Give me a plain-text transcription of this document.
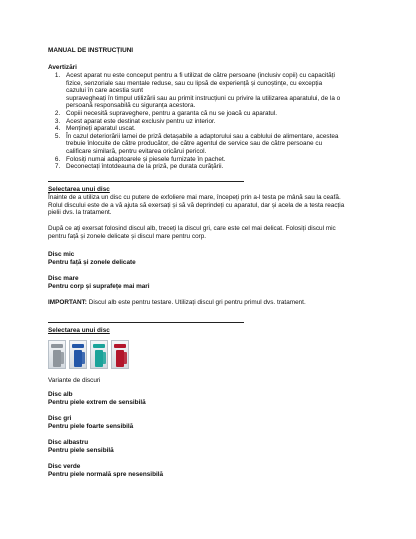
MANUAL DE INSTRUCȚIUNI
Avertizări
1. Acest aparat nu este conceput pentru a fi utilizat de către persoane (inclusiv copii) cu capacități
fizice, senzoriale sau mentale reduse, sau cu lipsă de experiență și cunoștințe, cu excepția
cazului în care acestia sunt
supravegheați în timpul utilizării sau au primit instrucțiuni cu privire la utilizarea aparatului, de la o
persoană responsabilă cu siguranța acestora.
2. Copiii necesită supraveghere, pentru a garanta că nu se joacă cu aparatul.
3. Acest aparat este destinat exclusiv pentru uz interior.
4. Mențineți aparatul uscat.
5. În cazul deteriorării lamei de priză detașabile a adaptorului sau a cablului de alimentare, acestea
trebuie înlocuite de către producător, de către agentul de service sau de către persoane cu
calificare similară, pentru evitarea oricărui pericol.
6. Folosiți numai adaptoarele și piesele furnizate în pachet.
7. Deconectați întotdeauna de la priză, pe durata curățării.
Selectarea unui disc
Înainte de a utiliza un disc cu putere de exfoliere mai mare, începeți prin a-l testa pe mână sau la ceafă.
Rolul discului este de a vă ajuta să exersați și să vă deprindeți cu aparatul, dar și acela de a testa reacția
pielii dvs. la tratament.
După ce ați exersat folosind discul alb, treceți la discul gri, care este cel mai delicat. Folosiți discul mic
pentru față și zonele delicate și discul mare pentru corp.
Disc mic
Pentru față și zonele delicate
Disc mare
Pentru corp și suprafețe mai mari
IMPORTANT: Discul alb este pentru testare. Utilizați discul gri pentru primul dvs. tratament.
Selectarea unui disc
Variante de discuri
Disc alb
Pentru piele extrem de sensibilă
Disc gri
Pentru piele foarte sensibilă
Disc albastru
Pentru piele sensibilă
Disc verde
Pentru piele normală spre nesensibilă
